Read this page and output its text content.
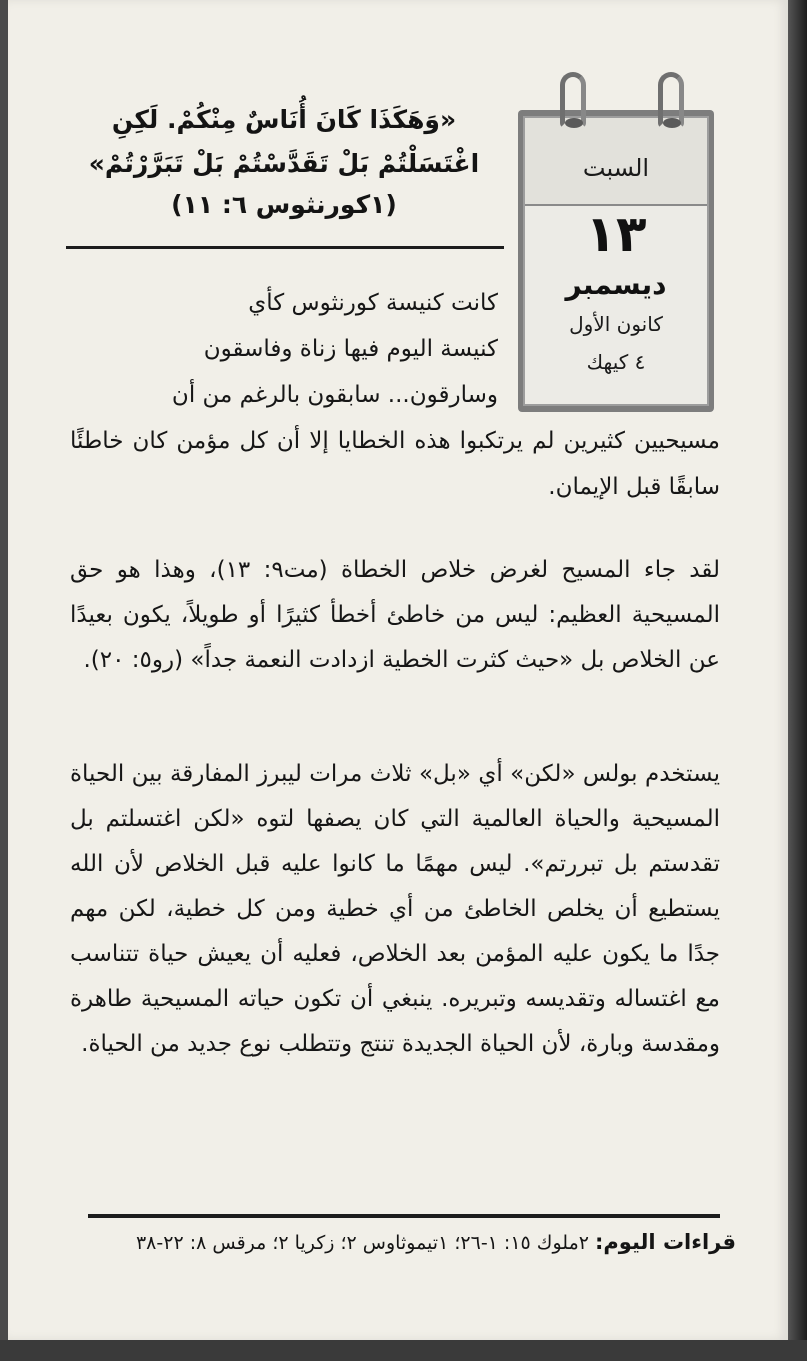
السبت
١٣
ديسمبر
كانون الأول
٤ كيهك
«وَهَكَذَا كَانَ أُنَاسٌ مِنْكُمْ. لَكِنِ
اغْتَسَلْتُمْ بَلْ تَقَدَّسْتُمْ بَلْ تَبَرَّرْتُمْ»
(١كورنثوس ٦: ١١)
كانت كنيسة كورنثوس كأي
كنيسة اليوم فيها زناة وفاسقون
وسارقون... سابقون بالرغم من أن
مسيحيين كثيرين لم يرتكبوا هذه الخطايا إلا أن كل مؤمن كان خاطئًا سابقًا قبل الإيمان.
لقد جاء المسيح لغرض خلاص الخطاة (مت٩: ١٣)، وهذا هو حق المسيحية العظيم: ليس من خاطئ أخطأ كثيرًا أو طويلاً، يكون بعيدًا عن الخلاص بل «حيث كثرت الخطية ازدادت النعمة جداً» (رو٥: ٢٠).
يستخدم بولس «لكن» أي «بل» ثلاث مرات ليبرز المفارقة بين الحياة المسيحية والحياة العالمية التي كان يصفها لتوه «لكن اغتسلتم بل تقدستم بل تبررتم». ليس مهمًا ما كانوا عليه قبل الخلاص لأن الله يستطيع أن يخلص الخاطئ من أي خطية ومن كل خطية، لكن مهم جدًا ما يكون عليه المؤمن بعد الخلاص، فعليه أن يعيش حياة تتناسب مع اغتساله وتقديسه وتبريره. ينبغي أن تكون حياته المسيحية طاهرة ومقدسة وبارة، لأن الحياة الجديدة تنتج وتتطلب نوع جديد من الحياة.
قراءات اليوم: ٢ملوك ١٥: ١-٢٦؛ ١تيموثاوس ٢؛ زكريا ٢؛ مرقس ٨: ٢٢-٣٨
